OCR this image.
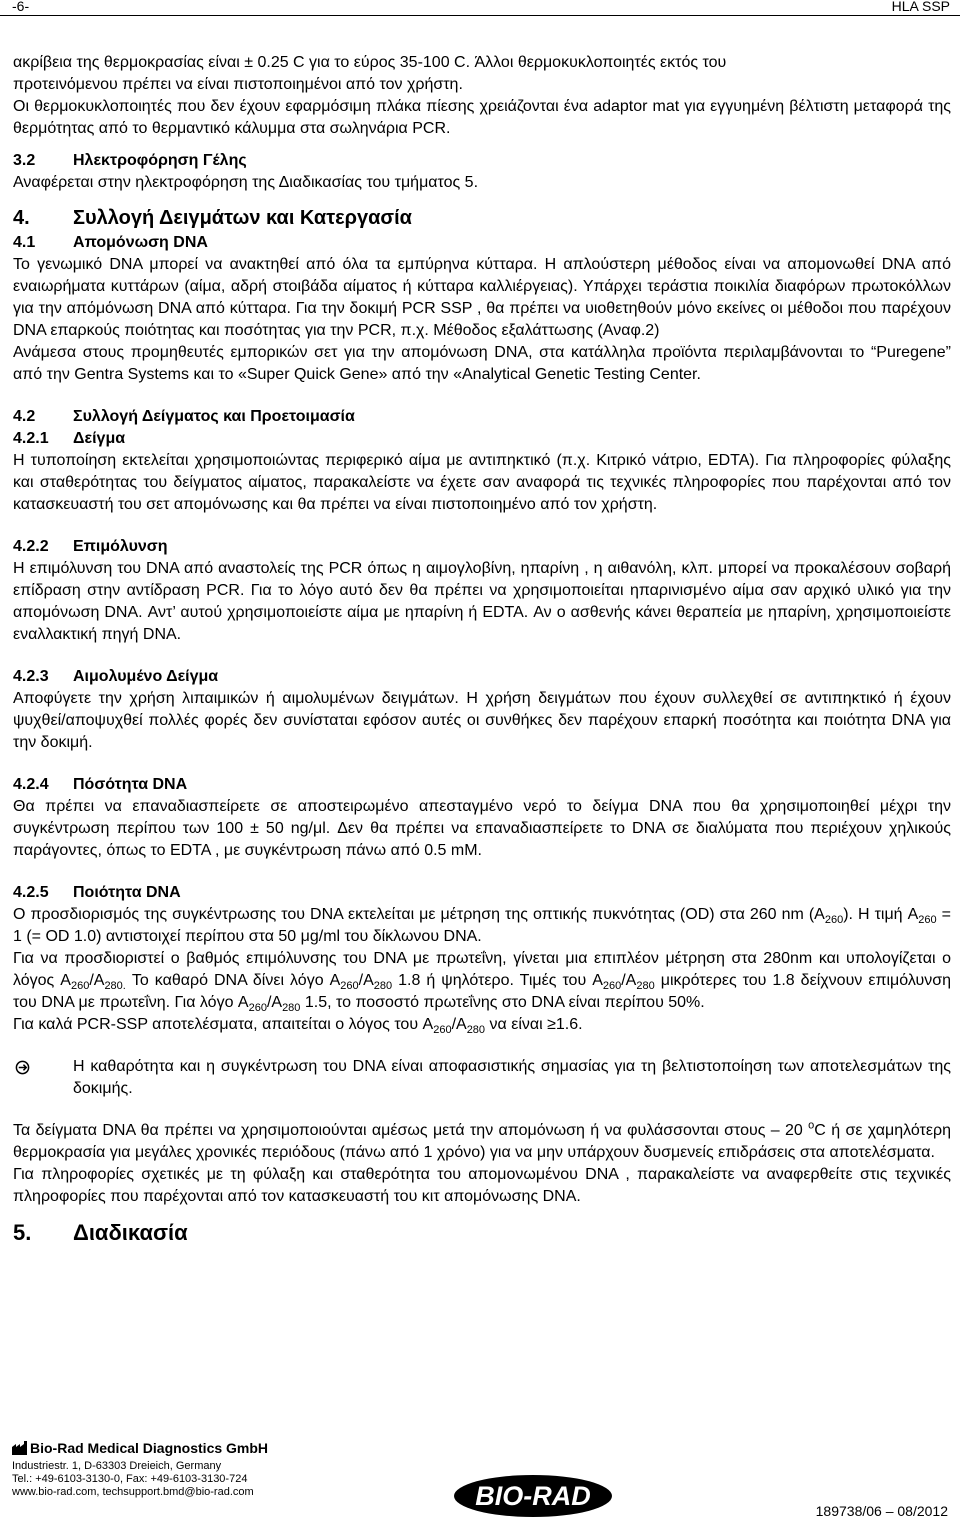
-6-	HLA SSP

ακρίβεια της θερμοκρασίας είναι ± 0.25 C για το εύρος 35-100 C. Άλλοι θερμοκυκλοποιητές εκτός του
προτεινόμενου πρέπει να είναι πιστοποιημένοι από τον χρήστη.

Οι θερμοκυκλοποιητές που δεν έχουν εφαρμόσιμη πλάκα πίεσης χρειάζονται ένα adaptor mat για εγγυημένη βέλτιστη μεταφορά της θερμότητας από το θερμαντικό κάλυμμα στα σωληνάρια PCR.

3.2 Ηλεκτροφόρηση Γέλης

Αναφέρεται στην ηλεκτροφόρηση της Διαδικασίας του τμήματος 5.

4. Συλλογή Δειγμάτων και Κατεργασία

4.1 Απομόνωση DNA

Το γενωμικό DNA μπορεί να ανακτηθεί από όλα τα εμπύρηνα κύτταρα. Η απλούστερη μέθοδος είναι να απομονωθεί DNA από εναιωρήματα κυττάρων (αίμα, αδρή στοιβάδα αίματος ή κύτταρα καλλιέργειας). Υπάρχει τεράστια ποικιλία διαφόρων πρωτοκόλλων για την απόμόνωση DNA από κύτταρα. Για την δοκιμή PCR SSP , θα πρέπει να υιοθετηθούν μόνο εκείνες οι μέθοδοι που παρέχουν DNA επαρκούς ποιότητας και ποσότητας για την PCR, π.χ. Μέθοδος εξαλάττωσης (Αναφ.2)

Ανάμεσα στους προμηθευτές εμπορικών σετ για την απομόνωση DNA, στα κατάλληλα προϊόντα περιλαμβάνονται το “Puregene” από την Gentra Systems και το «Super Quick Gene» από την «Analytical Genetic Testing Center.

4.2 Συλλογή Δείγματος και Προετοιμασία

4.2.1 Δείγμα

Η τυποποίηση εκτελείται χρησιμοποιώντας περιφερικό αίμα με αντιπηκτικό (π.χ. Κιτρικό νάτριο, EDTA). Για πληροφορίες φύλαξης και σταθερότητας του δείγματος αίματος, παρακαλείστε να έχετε σαν αναφορά τις τεχνικές πληροφορίες που παρέχονται από τον κατασκευαστή του σετ απομόνωσης και θα πρέπει να είναι πιστοποιημένο από τον χρήστη.

4.2.2 Επιμόλυνση

Η επιμόλυνση του DNA από αναστολείς της PCR όπως η αιμογλοβίνη, ηπαρίνη , η αιθανόλη, κλπ. μπορεί να προκαλέσουν σοβαρή επίδραση στην αντίδραση PCR. Για το λόγο αυτό δεν θα πρέπει να χρησιμοποιείται ηπαρινισμένο αίμα σαν αρχικό υλικό για την απομόνωση DNA. Αντ’ αυτού χρησιμοποιείστε αίμα με ηπαρίνη ή EDTA. Αν ο ασθενής κάνει θεραπεία με ηπαρίνη, χρησιμοποιείστε εναλλακτική πηγή DNA.

4.2.3 Αιμολυμένο Δείγμα

Αποφύγετε την χρήση λιπαιμικών ή αιμολυμένων δειγμάτων. Η χρήση δειγμάτων που έχουν συλλεχθεί σε αντιπηκτικό ή έχουν ψυχθεί/αποψυχθεί πολλές φορές δεν συνίσταται εφόσον αυτές οι συνθήκες δεν παρέχουν επαρκή ποσότητα και ποιότητα DNA για την δοκιμή.

4.2.4 Πόσότητα DNA

Θα πρέπει να επαναδιασπείρετε σε αποστειρωμένο απεσταγμένο νερό το δείγμα DNA που θα χρησιμοποιηθεί μέχρι την συγκέντρωση περίπου των 100 ± 50 ng/μl. Δεν θα πρέπει να επαναδιασπείρετε το DNA σε διαλύματα που περιέχουν χηλικούς παράγοντες, όπως το EDTA , με συγκέντρωση πάνω από 0.5 mM.

4.2.5 Ποιότητα DNA

Ο προσδιορισμός της συγκέντρωσης του DNA εκτελείται με μέτρηση της οπτικής πυκνότητας (OD) στα 260 nm $(A_{260})$. Η τιμή $A_{260} = 1$ (= OD 1.0) αντιστοιχεί περίπου στα 50 μg/ml του δίκλωνου DNA.

Για να προσδιοριστεί ο βαθμός επιμόλυνσης του DNA με πρωτεΐνη, γίνεται μια επιπλέον μέτρηση στα 280nm και υπολογίζεται ο λόγος $A_{260}/A_{280.}$ Το καθαρό DNA δίνει λόγο $A_{260}/A_{280}$ 1.8 ή ψηλότερο. Τιμές του $A_{260}/A_{280}$ μικρότερες του 1.8 δείχνουν επιμόλυνση του DNA με πρωτεΐνη. Για λόγο $A_{260}/A_{280}$ 1.5, το ποσοστό πρωτεΐνης στο DNA είναι περίπου 50%.

Για καλά PCR-SSP αποτελέσματα, απαιτείται ο λόγος του $A_{260}/A_{280}$ να είναι ≥1.6.

Η καθαρότητα και η συγκέντρωση του DNA είναι αποφασιστικής σημασίας για τη βελτιστοποίηση των αποτελεσμάτων της δοκιμής.

Τα δείγματα DNA θα πρέπει να χρησιμοποιούνται αμέσως μετά την απομόνωση ή να φυλάσσονται στους – 20 $^o$C ή σε χαμηλότερη θερμοκρασία για μεγάλες χρονικές περιόδους (πάνω από 1 χρόνο) για να μην υπάρχουν δυσμενείς επιδράσεις στα αποτελέσματα.

Για πληροφορίες σχετικές με τη φύλαξη και σταθερότητα του απομονωμένου DNA , παρακαλείστε να αναφερθείτε στις τεχνικές πληροφορίες που παρέχονται από τον κατασκευαστή του κιτ απομόνωσης DNA.

5. Διαδικασία

Bio-Rad Medical Diagnostics GmbH
Industriestr. 1, D-63303 Dreieich, Germany
Tel.: +49-6103-3130-0, Fax: +49-6103-3130-724
www.bio-rad.com, techsupport.bmd@bio-rad.com	BIO-RAD	189738/06 – 08/2012
